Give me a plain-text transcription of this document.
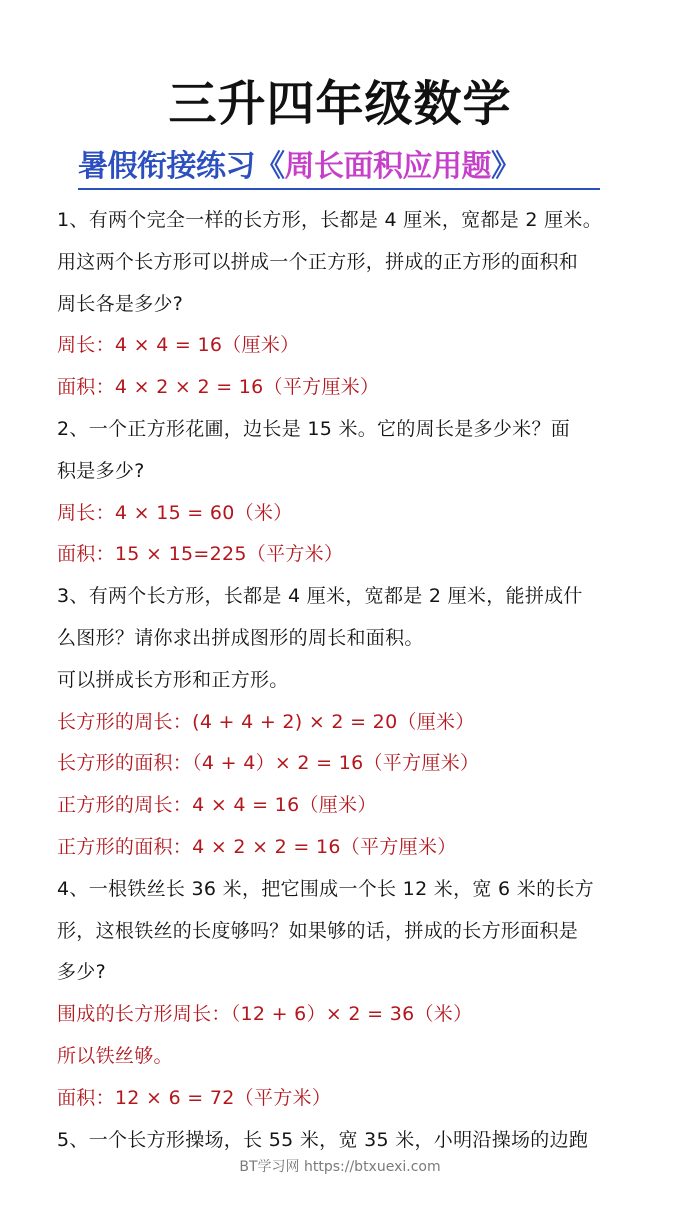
三升四年级数学
暑假衔接练习《周长面积应用题》
1、有两个完全一样的长方形，长都是 4 厘米，宽都是 2 厘米。
用这两个长方形可以拼成一个正方形，拼成的正方形的面积和
周长各是多少?
周长：4 × 4 = 16（厘米）
面积：4 × 2 × 2 = 16（平方厘米）
2、一个正方形花圃，边长是 15 米。它的周长是多少米？面
积是多少?
周长：4 × 15 = 60（米）
面积：15 × 15=225（平方米）
3、有两个长方形，长都是 4 厘米，宽都是 2 厘米，能拼成什
么图形？请你求出拼成图形的周长和面积。
可以拼成长方形和正方形。
长方形的周长：(4 + 4 + 2) × 2 = 20（厘米）
长方形的面积：（4 + 4）× 2 = 16（平方厘米）
正方形的周长：4 × 4 = 16（厘米）
正方形的面积：4 × 2 × 2 = 16（平方厘米）
4、一根铁丝长 36 米，把它围成一个长 12 米，宽 6 米的长方
形，这根铁丝的长度够吗？如果够的话，拼成的长方形面积是
多少?
围成的长方形周长：（12 + 6）× 2 = 36（米）
所以铁丝够。
面积：12 × 6 = 72（平方米）
5、一个长方形操场，长 55 米，宽 35 米，小明沿操场的边跑
BT学习网 https://btxuexi.com
